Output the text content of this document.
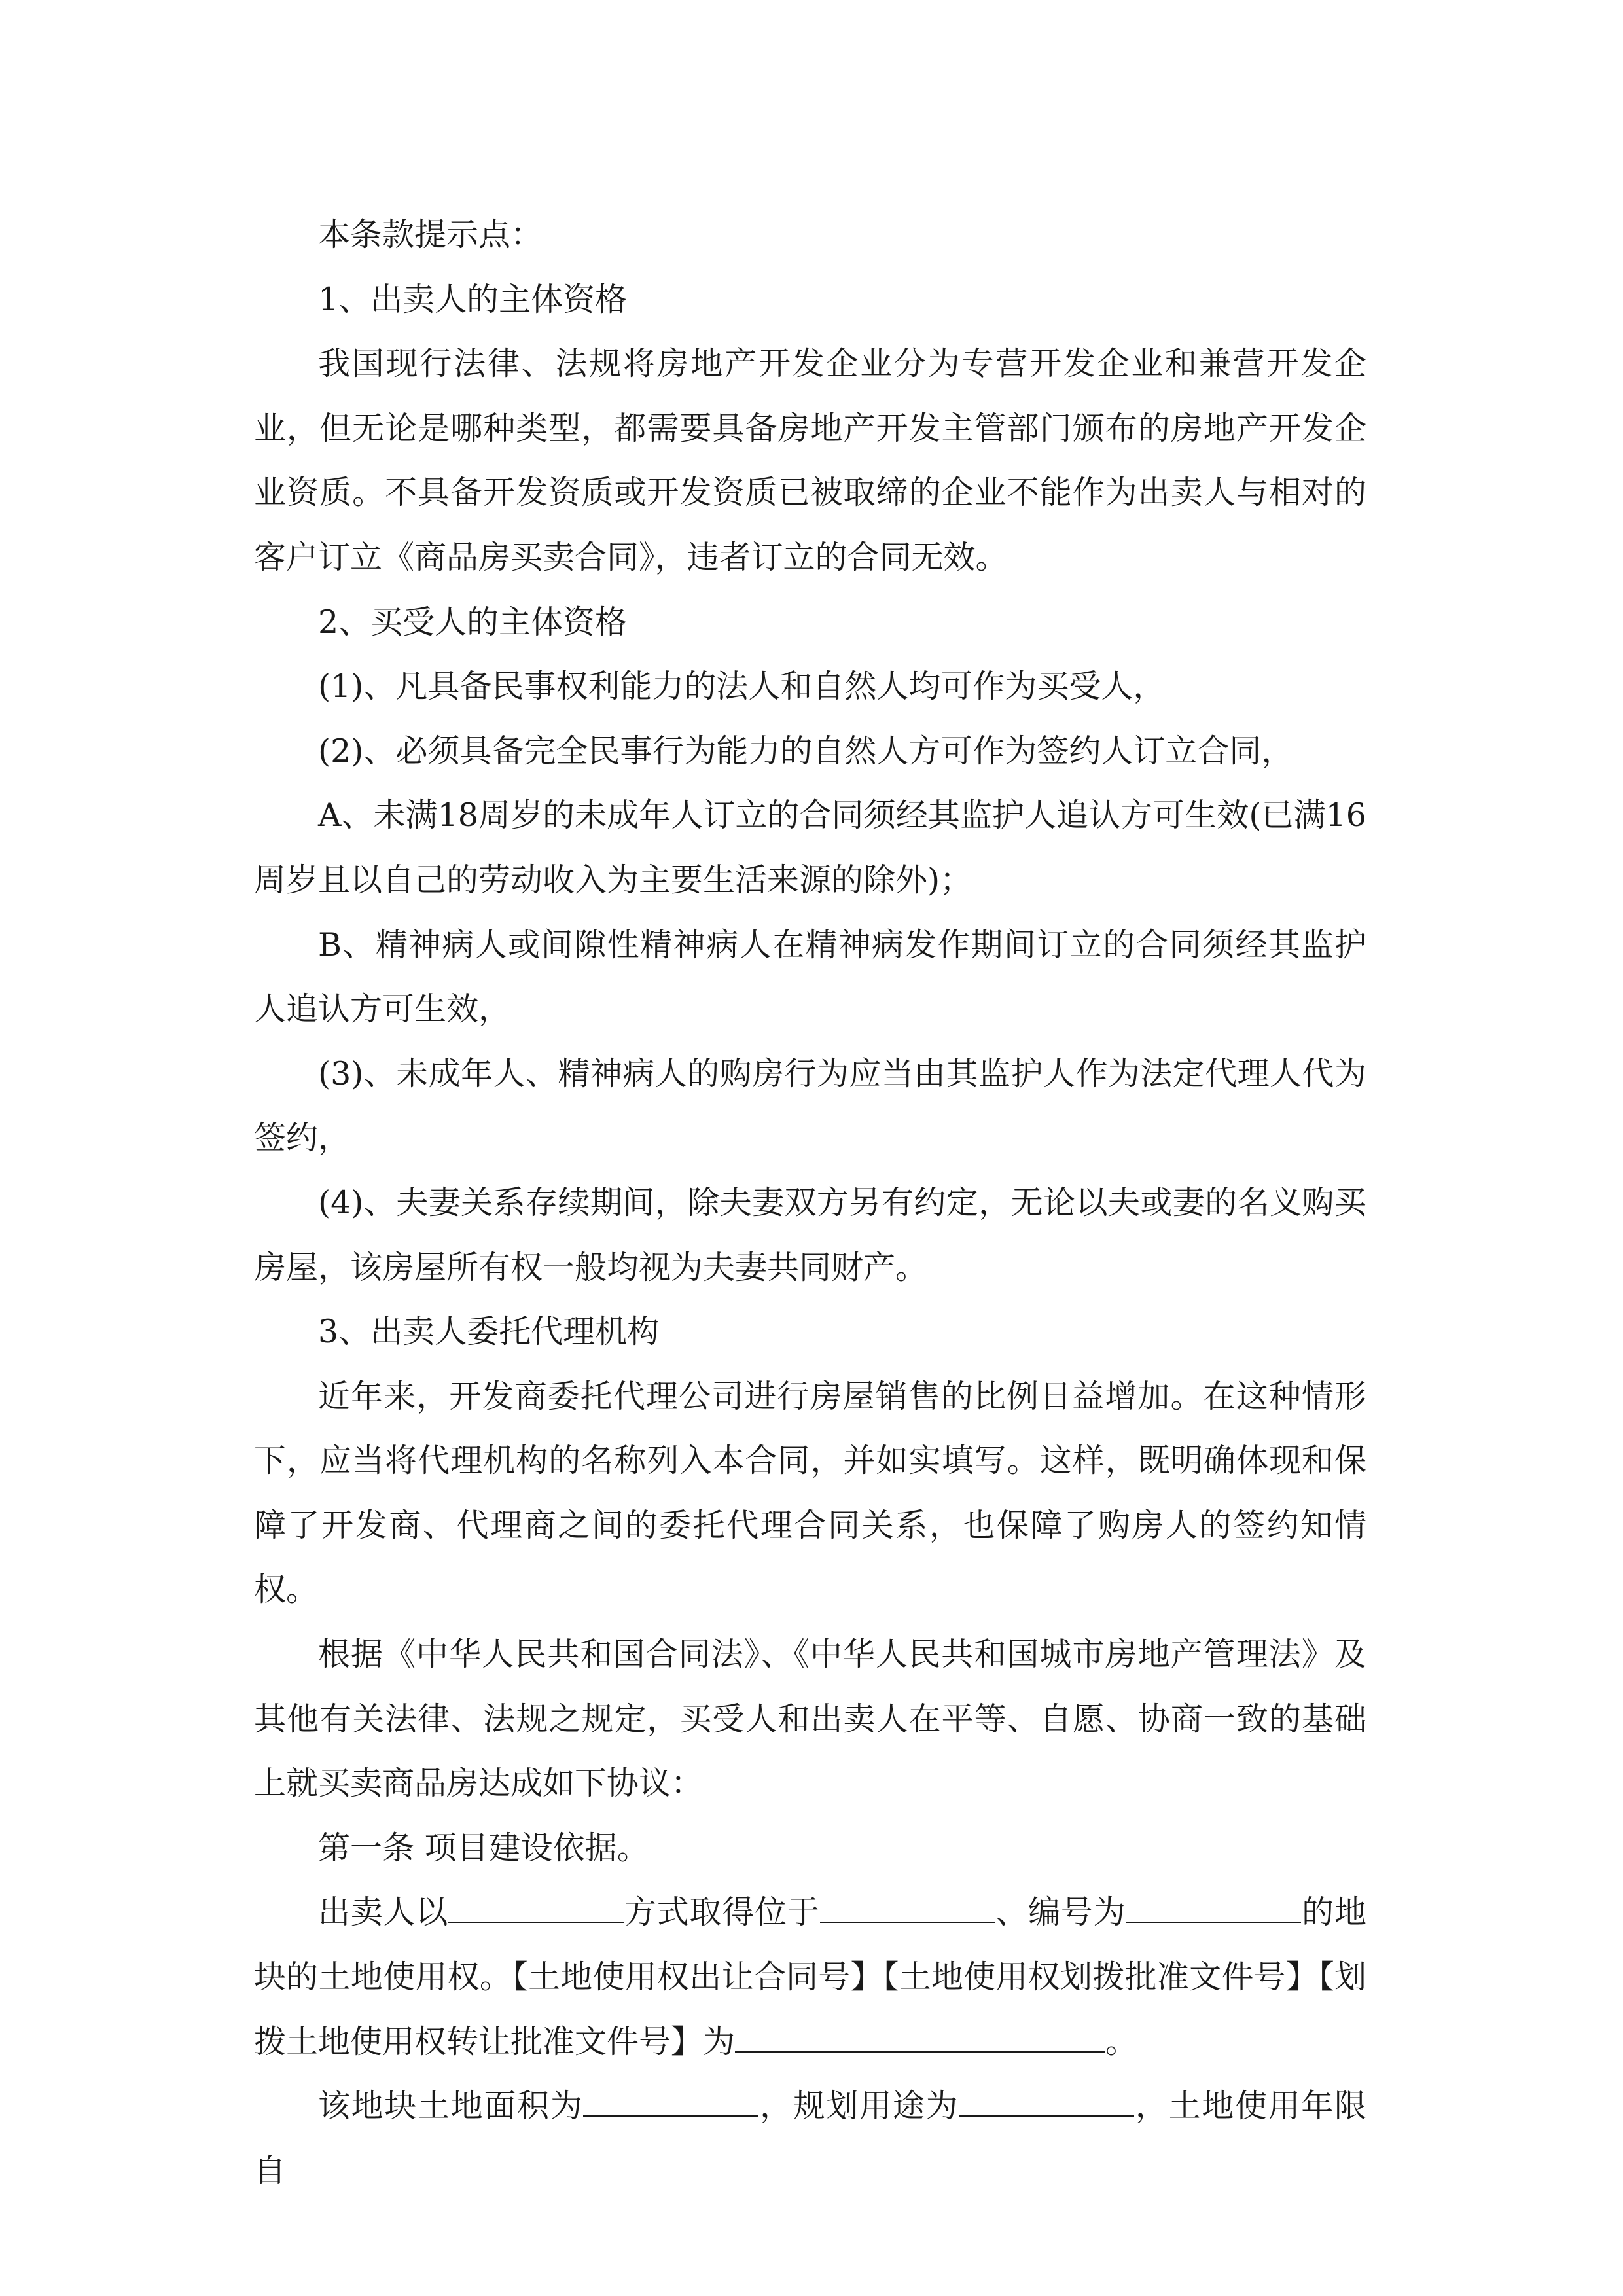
本条款提示点：

1、出卖人的主体资格

我国现行法律、法规将房地产开发企业分为专营开发企业和兼营开发企业，但无论是哪种类型，都需要具备房地产开发主管部门颁布的房地产开发企业资质。不具备开发资质或开发资质已被取缔的企业不能作为出卖人与相对的客户订立《商品房买卖合同》，违者订立的合同无效。

2、买受人的主体资格

(1)、凡具备民事权利能力的法人和自然人均可作为买受人，

(2)、必须具备完全民事行为能力的自然人方可作为签约人订立合同，

A、未满18周岁的未成年人订立的合同须经其监护人追认方可生效(已满16周岁且以自己的劳动收入为主要生活来源的除外)；

B、精神病人或间隙性精神病人在精神病发作期间订立的合同须经其监护人追认方可生效，

(3)、未成年人、精神病人的购房行为应当由其监护人作为法定代理人代为签约，

(4)、夫妻关系存续期间，除夫妻双方另有约定，无论以夫或妻的名义购买房屋，该房屋所有权一般均视为夫妻共同财产。

3、出卖人委托代理机构

近年来，开发商委托代理公司进行房屋销售的比例日益增加。在这种情形下，应当将代理机构的名称列入本合同，并如实填写。这样，既明确体现和保障了开发商、代理商之间的委托代理合同关系，也保障了购房人的签约知情权。

根据《中华人民共和国合同法》、《中华人民共和国城市房地产管理法》及其他有关法律、法规之规定，买受人和出卖人在平等、自愿、协商一致的基础上就买卖商品房达成如下协议：

第一条 项目建设依据。

出卖人以	方式取得位于	、编号为	的地块的土地使用权。【土地使用权出让合同号】【土地使用权划拨批准文件号】【划拨土地使用权转让批准文件号】为	。

该地块土地面积为	，规划用途为	，土地使用年限自
